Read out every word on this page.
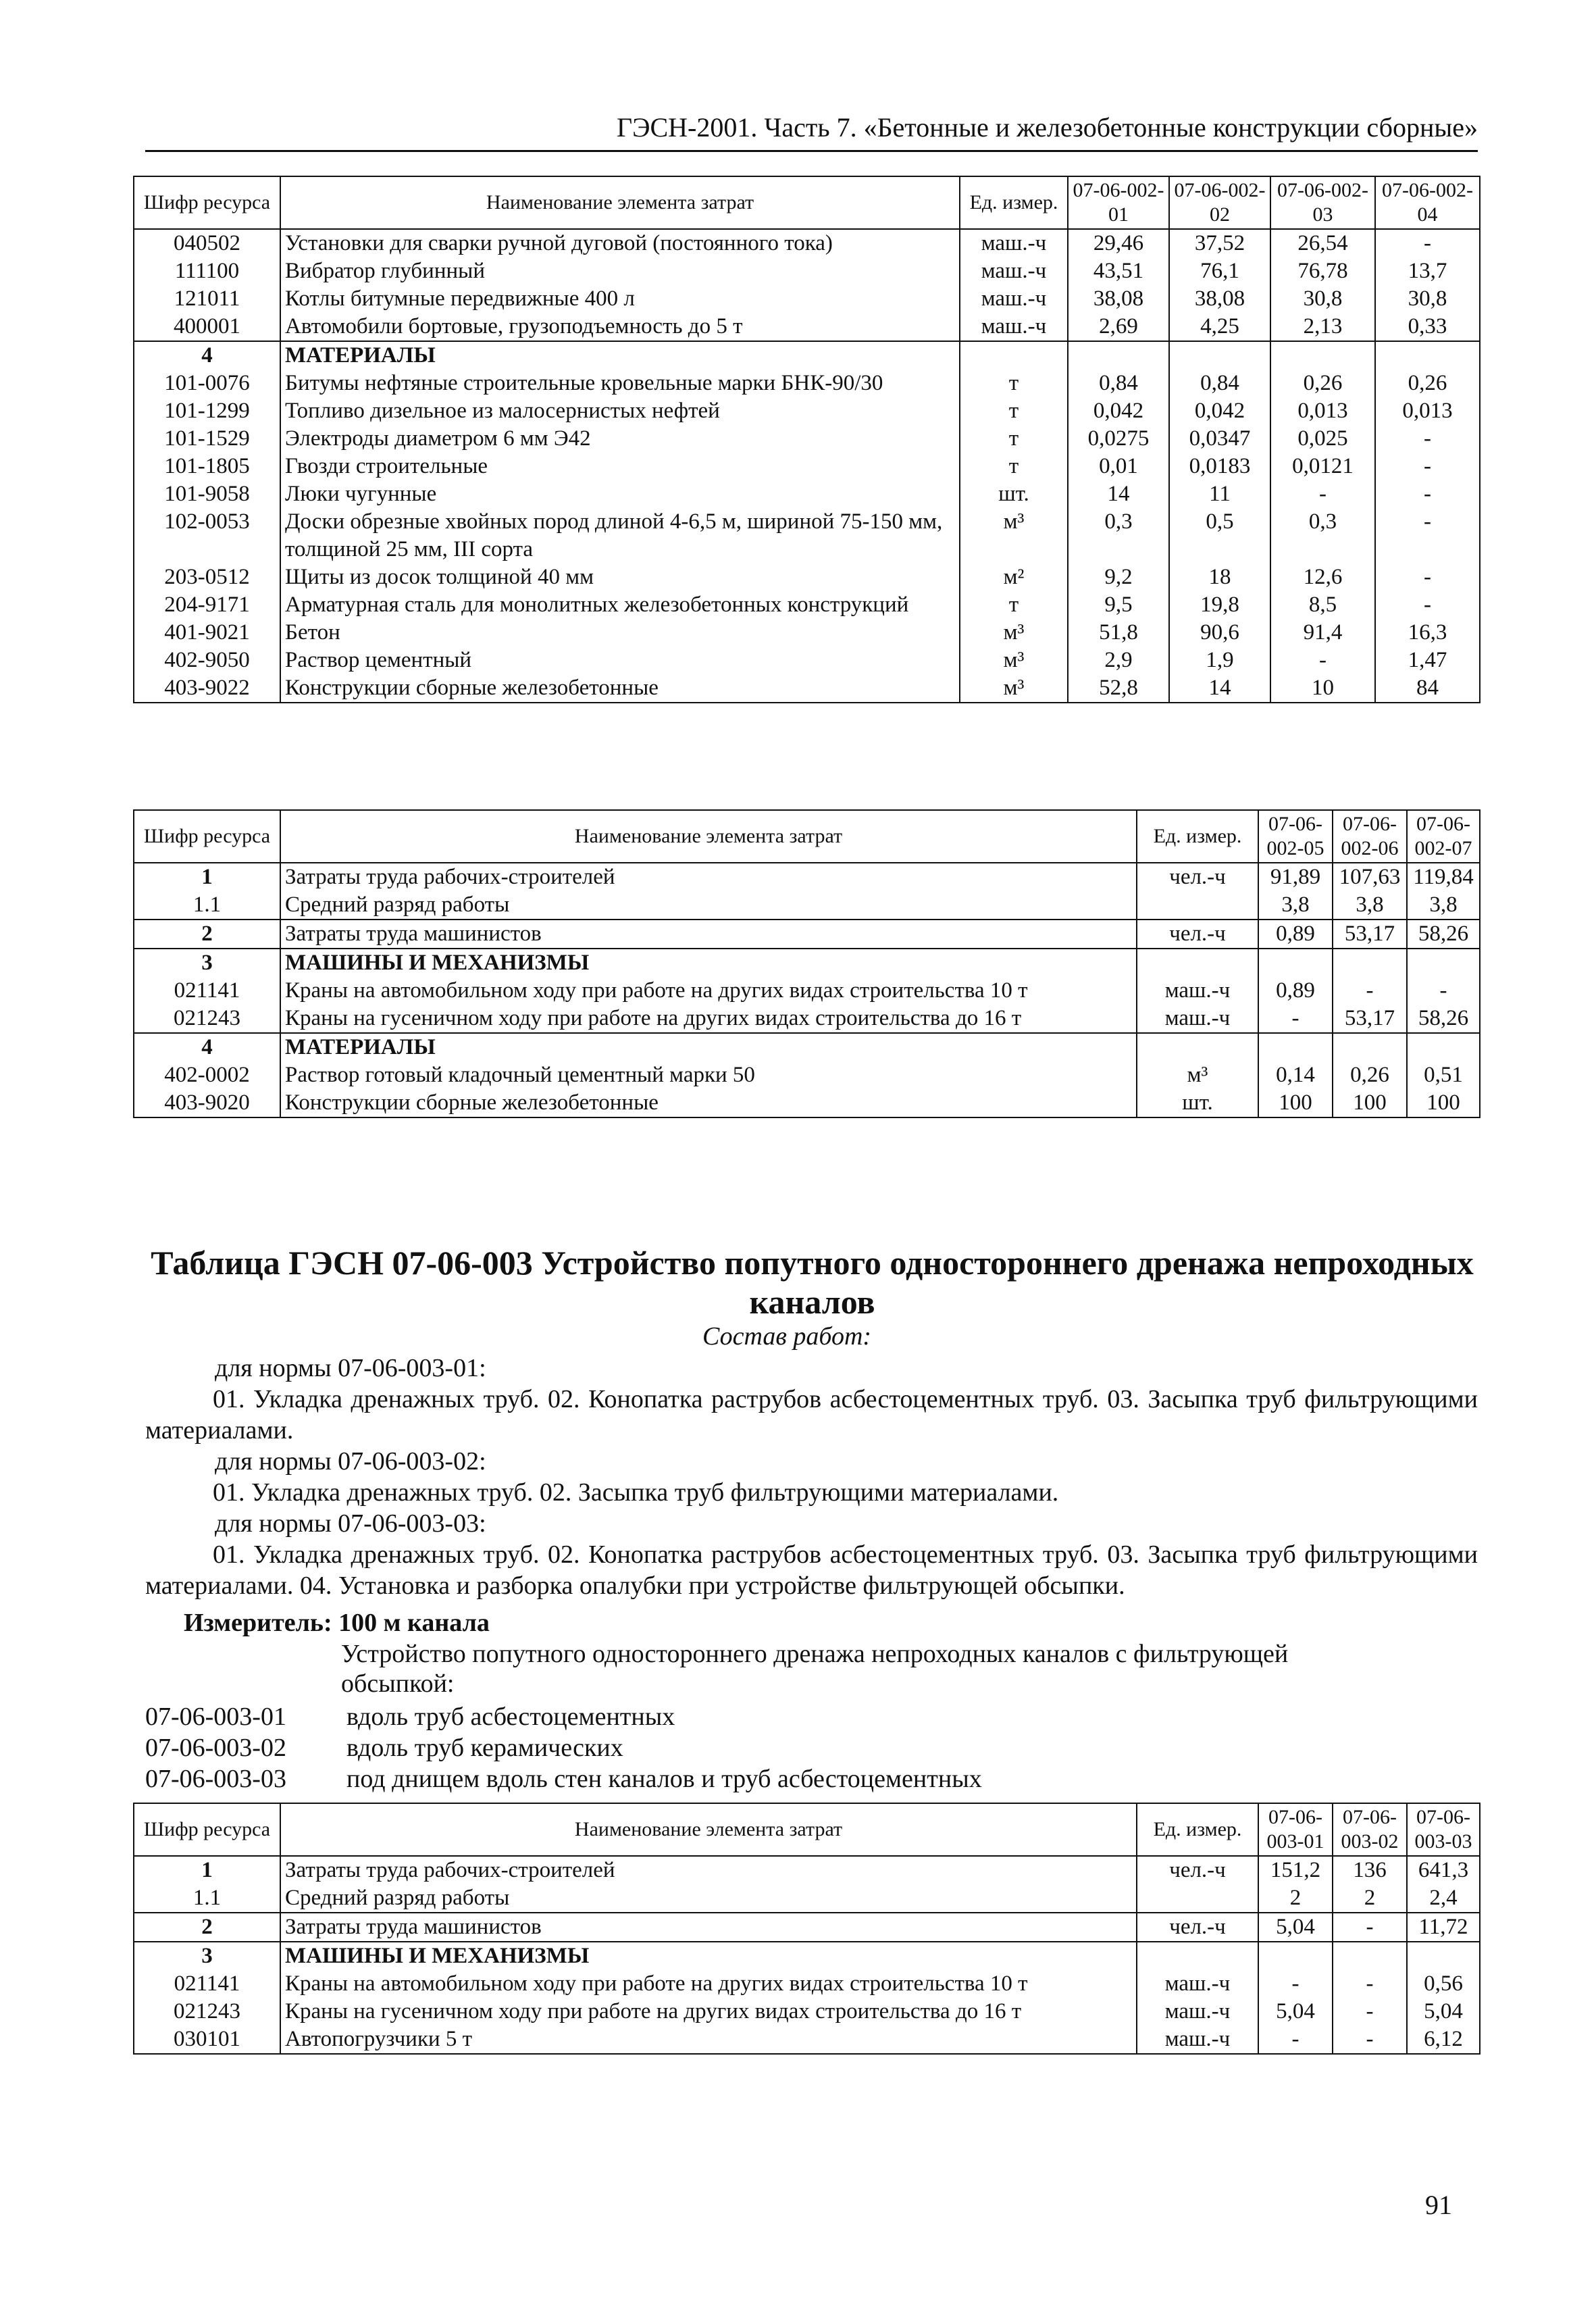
ГЭСН-2001. Часть 7. «Бетонные и железобетонные конструкции сборные»
Шифр ресурса	Наименование элемента затрат	Ед. измер.	07-06-002-01	07-06-002-02	07-06-002-03	07-06-002-04
040502	Установки для сварки ручной дуговой (постоянного тока)	маш.-ч	29,46	37,52	26,54	-
111100	Вибратор глубинный	маш.-ч	43,51	76,1	76,78	13,7
121011	Котлы битумные передвижные 400 л	маш.-ч	38,08	38,08	30,8	30,8
400001	Автомобили бортовые, грузоподъемность до 5 т	маш.-ч	2,69	4,25	2,13	0,33
4	МАТЕРИАЛЫ					
101-0076	Битумы нефтяные строительные кровельные марки БНК-90/30	т	0,84	0,84	0,26	0,26
101-1299	Топливо дизельное из малосернистых нефтей	т	0,042	0,042	0,013	0,013
101-1529	Электроды диаметром 6 мм Э42	т	0,0275	0,0347	0,025	-
101-1805	Гвозди строительные	т	0,01	0,0183	0,0121	-
101-9058	Люки чугунные	шт.	14	11	-	-
102-0053	Доски обрезные хвойных пород длиной 4-6,5 м, шириной 75-150 мм, толщиной 25 мм, III сорта	м³	0,3	0,5	0,3	-
203-0512	Щиты из досок толщиной 40 мм	м²	9,2	18	12,6	-
204-9171	Арматурная сталь для монолитных железобетонных конструкций	т	9,5	19,8	8,5	-
401-9021	Бетон	м³	51,8	90,6	91,4	16,3
402-9050	Раствор цементный	м³	2,9	1,9	-	1,47
403-9022	Конструкции сборные железобетонные	м³	52,8	14	10	84
Шифр ресурса	Наименование элемента затрат	Ед. измер.	07-06-002-05	07-06-002-06	07-06-002-07
1	Затраты труда рабочих-строителей	чел.-ч	91,89	107,63	119,84
1.1	Средний разряд работы		3,8	3,8	3,8
2	Затраты труда машинистов	чел.-ч	0,89	53,17	58,26
3	МАШИНЫ И МЕХАНИЗМЫ				
021141	Краны на автомобильном ходу при работе на других видах строительства 10 т	маш.-ч	0,89	-	-
021243	Краны на гусеничном ходу при работе на других видах строительства до 16 т	маш.-ч	-	53,17	58,26
4	МАТЕРИАЛЫ				
402-0002	Раствор готовый кладочный цементный марки 50	м³	0,14	0,26	0,51
403-9020	Конструкции сборные железобетонные	шт.	100	100	100
Таблица ГЭСН 07-06-003 Устройство попутного одностороннего дренажа непроходных каналов
Состав работ:
для нормы 07-06-003-01:
01. Укладка дренажных труб. 02. Конопатка раструбов асбестоцементных труб. 03. Засыпка труб фильтрующими материалами.
для нормы 07-06-003-02:
01. Укладка дренажных труб. 02. Засыпка труб фильтрующими материалами.
для нормы 07-06-003-03:
01. Укладка дренажных труб. 02. Конопатка раструбов асбестоцементных труб. 03. Засыпка труб фильтрующими материалами. 04. Установка и разборка опалубки при устройстве фильтрующей обсыпки.
Измеритель: 100 м канала
Устройство попутного одностороннего дренажа непроходных каналов с фильтрующей обсыпкой:
07-06-003-01 вдоль труб асбестоцементных
07-06-003-02 вдоль труб керамических
07-06-003-03 под днищем вдоль стен каналов и труб асбестоцементных
Шифр ресурса	Наименование элемента затрат	Ед. измер.	07-06-003-01	07-06-003-02	07-06-003-03
1	Затраты труда рабочих-строителей	чел.-ч	151,2	136	641,3
1.1	Средний разряд работы		2	2	2,4
2	Затраты труда машинистов	чел.-ч	5,04	-	11,72
3	МАШИНЫ И МЕХАНИЗМЫ				
021141	Краны на автомобильном ходу при работе на других видах строительства 10 т	маш.-ч	-	-	0,56
021243	Краны на гусеничном ходу при работе на других видах строительства до 16 т	маш.-ч	5,04	-	5,04
030101	Автопогрузчики 5 т	маш.-ч	-	-	6,12
91
